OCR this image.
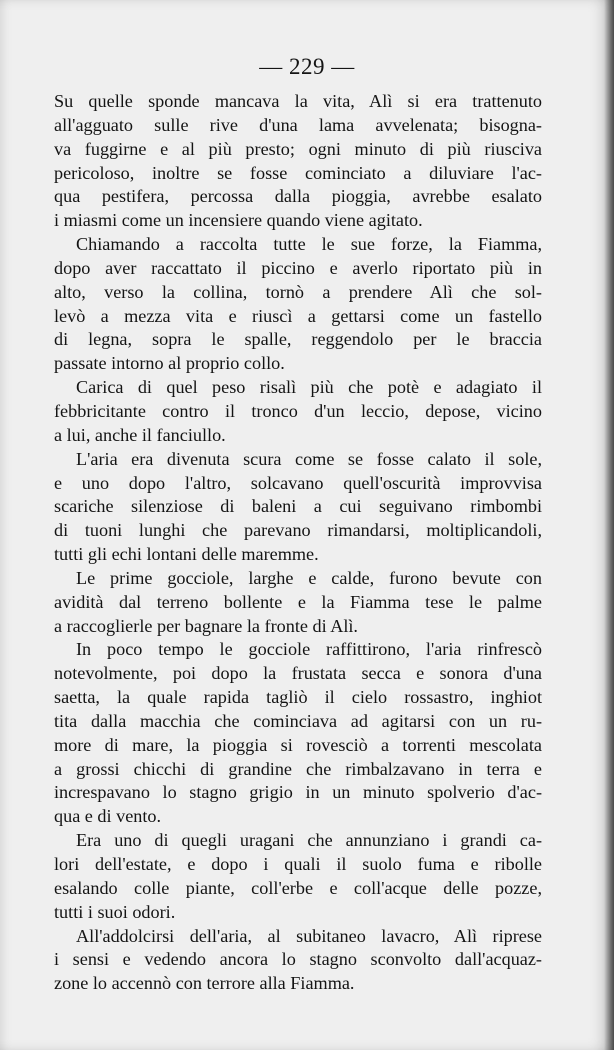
— 229 —
Su quelle sponde mancava la vita, Alì si era trattenuto
all'agguato sulle rive d'una lama avvelenata; bisogna-
va fuggirne e al più presto; ogni minuto di più riusciva
pericoloso, inoltre se fosse cominciato a diluviare l'ac-
qua pestifera, percossa dalla pioggia, avrebbe esalato
i miasmi come un incensiere quando viene agitato.
Chiamando a raccolta tutte le sue forze, la Fiamma,
dopo aver raccattato il piccino e averlo riportato più in
alto, verso la collina, tornò a prendere Alì che sol-
levò a mezza vita e riuscì a gettarsi come un fastello
di legna, sopra le spalle, reggendolo per le braccia
passate intorno al proprio collo.
Carica di quel peso risalì più che potè e adagiato il
febbricitante contro il tronco d'un leccio, depose, vicino
a lui, anche il fanciullo.
L'aria era divenuta scura come se fosse calato il sole,
e uno dopo l'altro, solcavano quell'oscurità improvvisa
scariche silenziose di baleni a cui seguivano rimbombi
di tuoni lunghi che parevano rimandarsi, moltiplicandoli,
tutti gli echi lontani delle maremme.
Le prime gocciole, larghe e calde, furono bevute con
avidità dal terreno bollente e la Fiamma tese le palme
a raccoglierle per bagnare la fronte di Alì.
In poco tempo le gocciole raffittirono, l'aria rinfrescò
notevolmente, poi dopo la frustata secca e sonora d'una
saetta, la quale rapida tagliò il cielo rossastro, inghiot
tita dalla macchia che cominciava ad agitarsi con un ru-
more di mare, la pioggia si rovesciò a torrenti mescolata
a grossi chicchi di grandine che rimbalzavano in terra e
increspavano lo stagno grigio in un minuto spolverio d'ac-
qua e di vento.
Era uno di quegli uragani che annunziano i grandi ca-
lori dell'estate, e dopo i quali il suolo fuma e ribolle
esalando colle piante, coll'erbe e coll'acque delle pozze,
tutti i suoi odori.
All'addolcirsi dell'aria, al subitaneo lavacro, Alì riprese
i sensi e vedendo ancora lo stagno sconvolto dall'acquaz-
zone lo accennò con terrore alla Fiamma.
